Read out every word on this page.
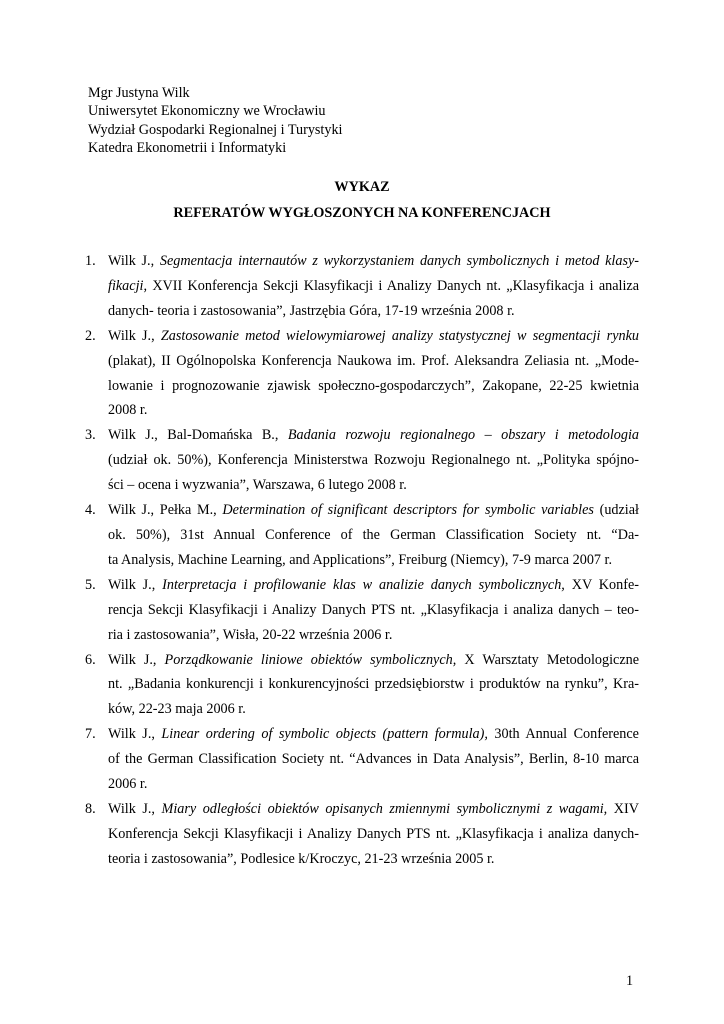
Mgr Justyna Wilk
Uniwersytet Ekonomiczny we Wrocławiu
Wydział Gospodarki Regionalnej i Turystyki
Katedra Ekonometrii i Informatyki
WYKAZ
REFERATÓW WYGŁOSZONYCH NA KONFERENCJACH
1. Wilk J., Segmentacja internautów z wykorzystaniem danych symbolicznych i metod klasy-
fikacji, XVII Konferencja Sekcji Klasyfikacji i Analizy Danych nt. „Klasyfikacja i analiza
danych- teoria i zastosowania”, Jastrzębia Góra, 17-19 września 2008 r.
2. Wilk J., Zastosowanie metod wielowymiarowej analizy statystycznej w segmentacji rynku
(plakat), II Ogólnopolska Konferencja Naukowa im. Prof. Aleksandra Zeliasia nt. „Mode-
lowanie i prognozowanie zjawisk społeczno-gospodarczych”, Zakopane, 22-25 kwietnia
2008 r.
3. Wilk J., Bal-Domańska B., Badania rozwoju regionalnego – obszary i metodologia
(udział ok. 50%), Konferencja Ministerstwa Rozwoju Regionalnego nt. „Polityka spójno-
ści – ocena i wyzwania”, Warszawa, 6 lutego 2008 r.
4. Wilk J., Pełka M., Determination of significant descriptors for symbolic variables (udział
ok. 50%), 31st Annual Conference of the German Classification Society nt. “Da-
ta Analysis, Machine Learning, and Applications”, Freiburg (Niemcy), 7-9 marca 2007 r.
5. Wilk J., Interpretacja i profilowanie klas w analizie danych symbolicznych, XV Konfe-
rencja Sekcji Klasyfikacji i Analizy Danych PTS nt. „Klasyfikacja i analiza danych – teo-
ria i zastosowania”, Wisła, 20-22 września 2006 r.
6. Wilk J., Porządkowanie liniowe obiektów symbolicznych, X Warsztaty Metodologiczne
nt. „Badania konkurencji i konkurencyjności przedsiębiorstw i produktów na rynku”, Kra-
ków, 22-23 maja 2006 r.
7. Wilk J., Linear ordering of symbolic objects (pattern formula), 30th Annual Conference
of the German Classification Society nt. “Advances in Data Analysis”, Berlin, 8-10 marca
2006 r.
8. Wilk J., Miary odległości obiektów opisanych zmiennymi symbolicznymi z wagami, XIV
Konferencja Sekcji Klasyfikacji i Analizy Danych PTS nt. „Klasyfikacja i analiza danych-
teoria i zastosowania”, Podlesice k/Kroczyc, 21-23 września 2005 r.
1
